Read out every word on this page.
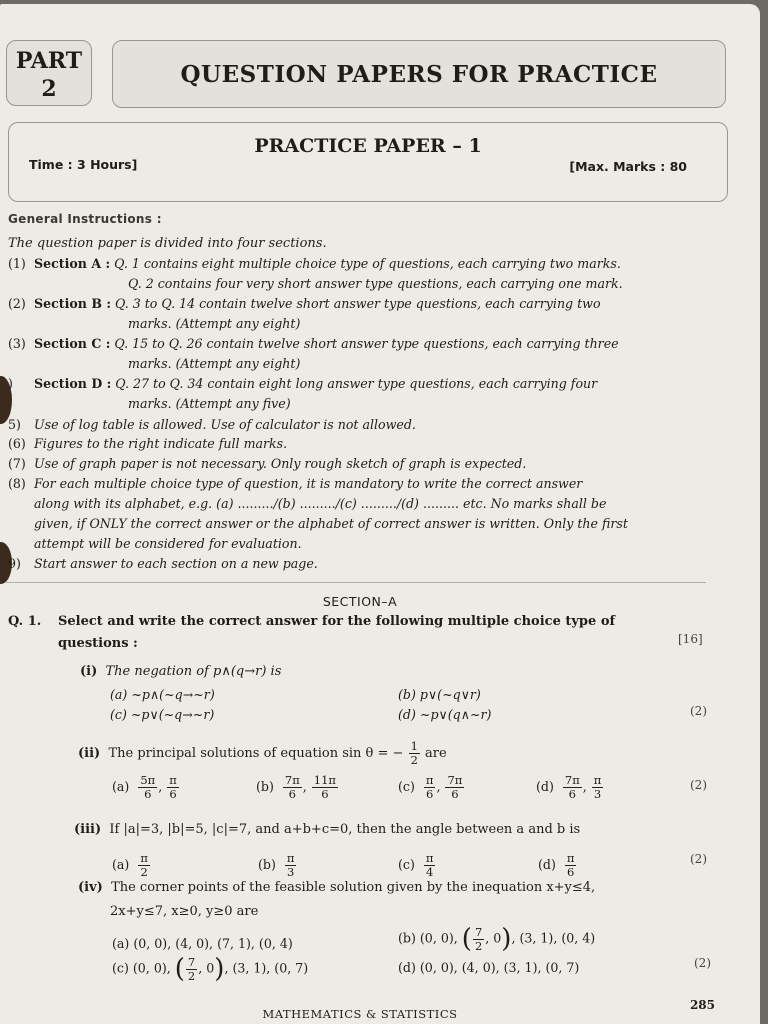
PART
2
QUESTION PAPERS FOR PRACTICE
PRACTICE PAPER – 1
Time : 3 Hours]	[Max. Marks : 80
General Instructions :
The question paper is divided into four sections.
(1) Section A : Q. 1 contains eight multiple choice type of questions, each carrying two marks.
Q. 2 contains four very short answer type questions, each carrying one mark.
(2) Section B : Q. 3 to Q. 14 contain twelve short answer type questions, each carrying two
marks. (Attempt any eight)
(3) Section C : Q. 15 to Q. 26 contain twelve short answer type questions, each carrying three
marks. (Attempt any eight)
) Section D : Q. 27 to Q. 34 contain eight long answer type questions, each carrying four
marks. (Attempt any five)
5) Use of log table is allowed. Use of calculator is not allowed.
(6) Figures to the right indicate full marks.
(7) Use of graph paper is not necessary. Only rough sketch of graph is expected.
(8) For each multiple choice type of question, it is mandatory to write the correct answer
along with its alphabet, e.g. (a) ........./(b) ........./(c) ........./(d) ......... etc. No marks shall be
given, if ONLY the correct answer or the alphabet of correct answer is written. Only the first
attempt will be considered for evaluation.
9) Start answer to each section on a new page.
SECTION–A
Q. 1. Select and write the correct answer for the following multiple choice type of
questions :	[16]
(i) The negation of p∧(q→r) is
(a) ~p∧(~q→~r)	(b) p∨(~q∨r)
(c) ~p∨(~q→~r)	(d) ~p∨(q∧~r)	(2)
(ii) The principal solutions of equation sin θ = − $\frac{1}{2}$ are
$(a) \frac{5\pi}{6}$ , $\frac{\pi}{6}$	$(b) \frac{7\pi}{6}$ , $\frac{11\pi}{6}$	$(c) \frac{\pi}{6}$ , $\frac{7\pi}{6}$	$(d) \frac{7\pi}{6}$ , $\frac{\pi}{3}$	(2)
(iii) If |a|=3, |b|=5, |c|=7, and a+b+c=0, then the angle between a and b is
$(a) \frac{\pi}{2}$	$(b) \frac{\pi}{3}$	$(c) \frac{\pi}{4}$	$(d) \frac{\pi}{6}$	(2)
(iv) The corner points of the feasible solution given by the inequation x+y≤4,
2x+y≤7, x≥0, y≥0 are
(a) (0, 0), (4, 0), (7, 1), (0, 4)	(b) (0, 0), ( $\frac{7}{2}$ , 0), (3, 1), (0, 4)
(c) (0, 0), ( $\frac{7}{2}$ , 0), (3, 1), (0, 7)	(d) (0, 0), (4, 0), (3, 1), (0, 7)	(2)
MATHEMATICS & STATISTICS
285
